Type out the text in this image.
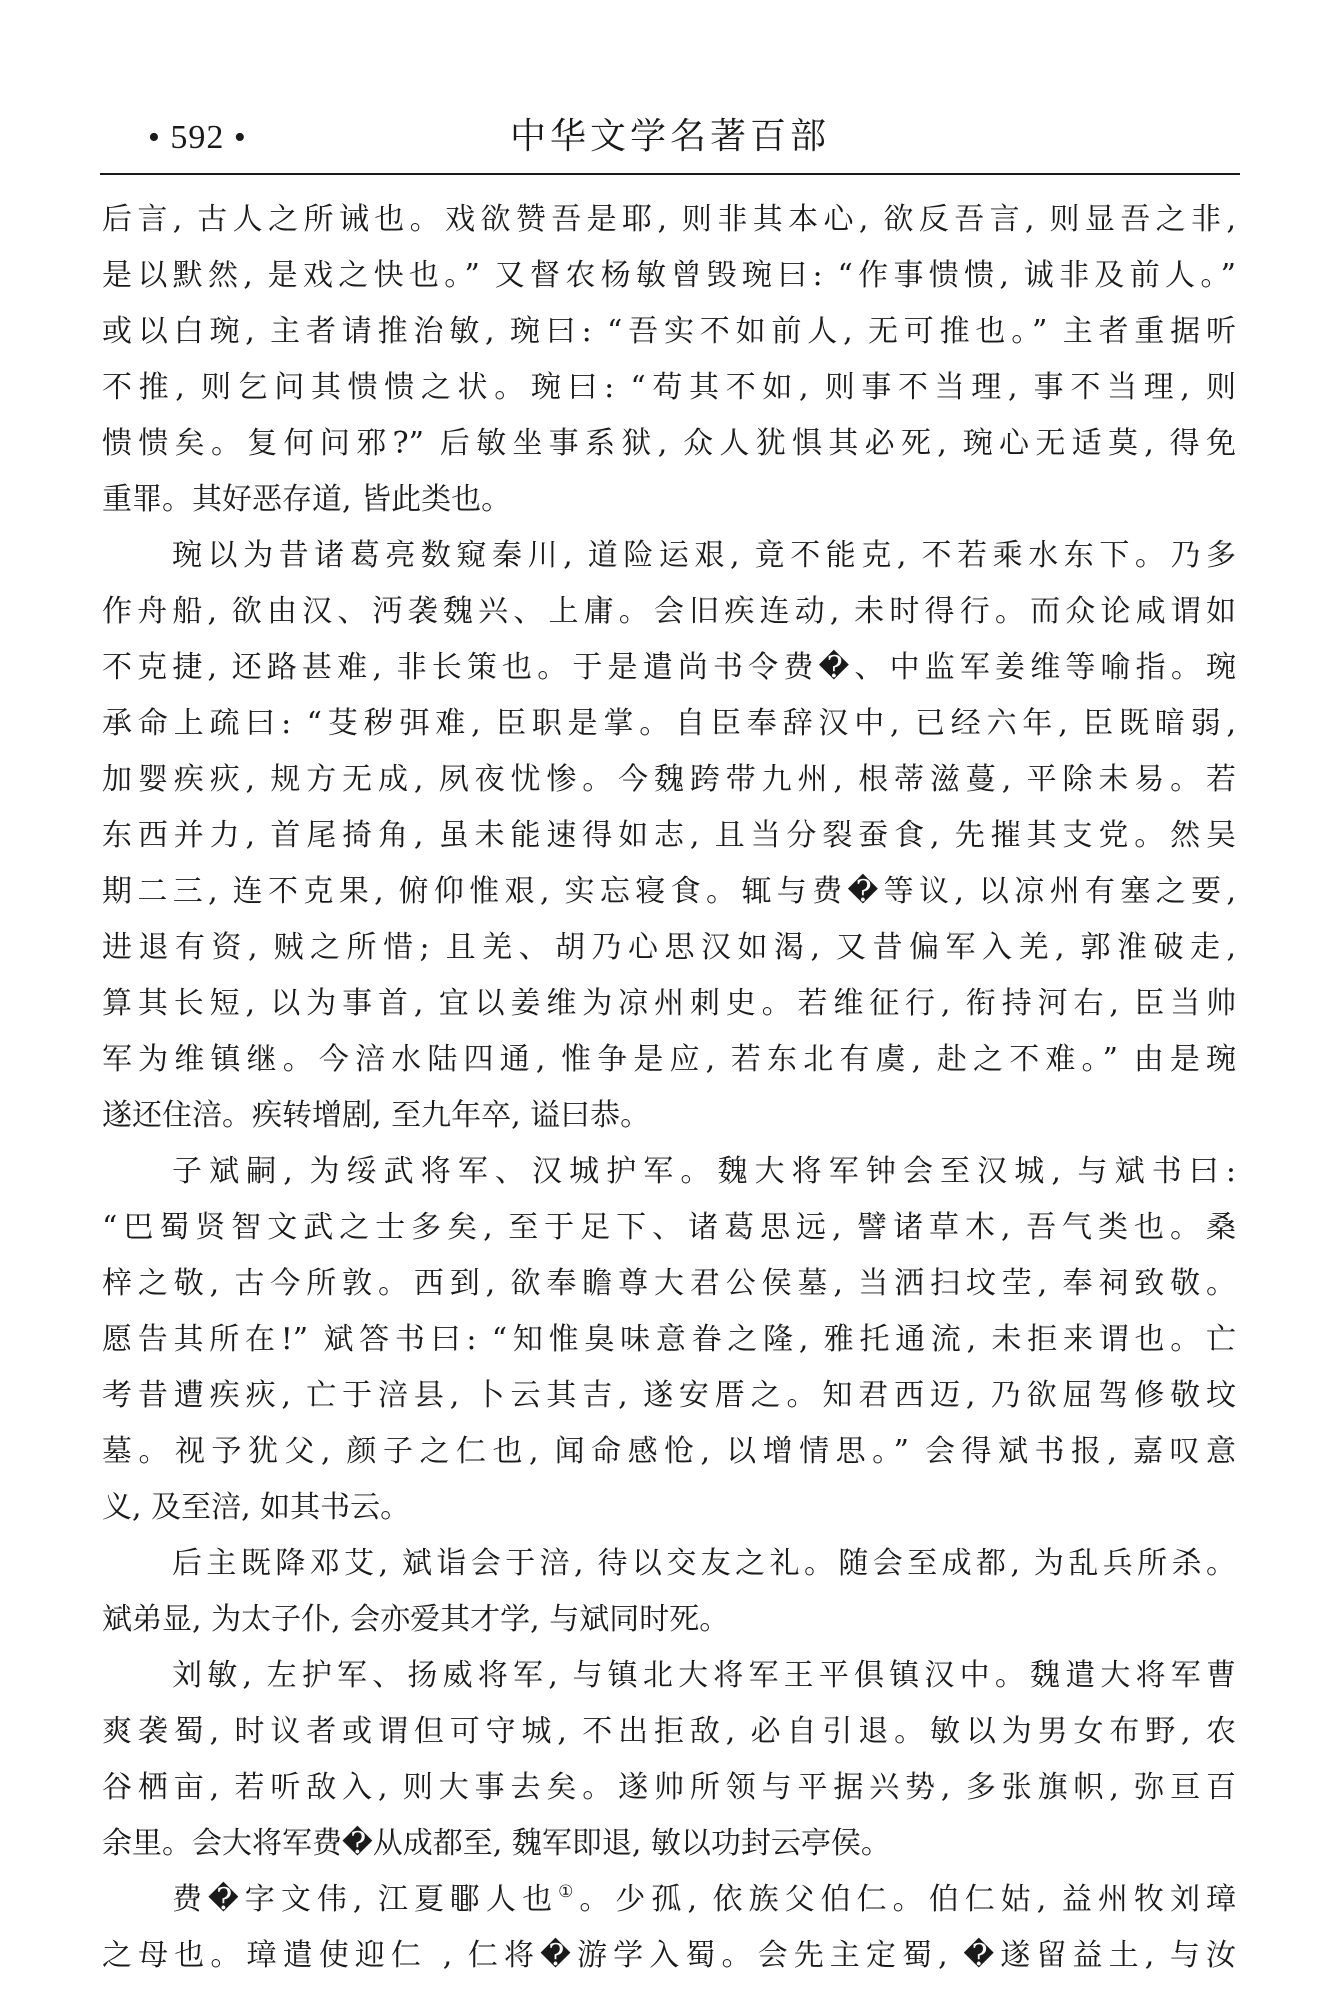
• 592 •	中华文学名著百部
后言, 古人之所诫也。戏欲赞吾是耶, 则非其本心, 欲反吾言, 则显吾之非,
是以默然, 是戏之快也。” 又督农杨敏曾毁琬曰: “作事愦愦, 诚非及前人。”
或以白琬, 主者请推治敏, 琬曰: “吾实不如前人, 无可推也。” 主者重据听
不推, 则乞问其愦愦之状。琬曰: “苟其不如, 则事不当理, 事不当理, 则
愦愦矣。复何问邪?” 后敏坐事系狱, 众人犹惧其必死, 琬心无适莫, 得免
重罪。其好恶存道, 皆此类也。
琬以为昔诸葛亮数窥秦川, 道险运艰, 竟不能克, 不若乘水东下。乃多
作舟船, 欲由汉、沔袭魏兴、上庸。会旧疾连动, 未时得行。而众论咸谓如
不克捷, 还路甚难, 非长策也。于是遣尚书令费�、中监军姜维等喻指。琬
承命上疏曰: “芟秽弭难, 臣职是掌。自臣奉辞汉中, 已经六年, 臣既暗弱,
加婴疾疢, 规方无成, 夙夜忧惨。今魏跨带九州, 根蒂滋蔓, 平除未易。若
东西并力, 首尾掎角, 虽未能速得如志, 且当分裂蚕食, 先摧其支党。然吴
期二三, 连不克果, 俯仰惟艰, 实忘寝食。辄与费�等议, 以凉州有塞之要,
进退有资, 贼之所惜; 且羌、胡乃心思汉如渴, 又昔偏军入羌, 郭淮破走,
算其长短, 以为事首, 宜以姜维为凉州刺史。若维征行, 衔持河右, 臣当帅
军为维镇继。今涪水陆四通, 惟争是应, 若东北有虞, 赴之不难。” 由是琬
遂还住涪。疾转增剧, 至九年卒, 谥曰恭。
子斌嗣, 为绥武将军、汉城护军。魏大将军钟会至汉城, 与斌书曰:
“巴蜀贤智文武之士多矣, 至于足下、诸葛思远, 譬诸草木, 吾气类也。桑
梓之敬, 古今所敦。西到, 欲奉瞻尊大君公侯墓, 当洒扫坟茔, 奉祠致敬。
愿告其所在!” 斌答书曰: “知惟臭味意眷之隆, 雅托通流, 未拒来谓也。亡
考昔遭疾疢, 亡于涪县, 卜云其吉, 遂安厝之。知君西迈, 乃欲屈驾修敬坟
墓。视予犹父, 颜子之仁也, 闻命感怆, 以增情思。” 会得斌书报, 嘉叹意
义, 及至涪, 如其书云。
后主既降邓艾, 斌诣会于涪, 待以交友之礼。随会至成都, 为乱兵所杀。
斌弟显, 为太子仆, 会亦爱其才学, 与斌同时死。
刘敏, 左护军、扬威将军, 与镇北大将军王平俱镇汉中。魏遣大将军曹
爽袭蜀, 时议者或谓但可守城, 不出拒敌, 必自引退。敏以为男女布野, 农
谷栖亩, 若听敌入, 则大事去矣。遂帅所领与平据兴势, 多张旗帜, 弥亘百
余里。会大将军费�从成都至, 魏军即退, 敏以功封云亭侯。
费�字文伟, 江夏鄳人也①。少孤, 依族父伯仁。伯仁姑, 益州牧刘璋
之母也。璋遣使迎仁 , 仁将�游学入蜀。会先主定蜀, �遂留益土, 与汝
